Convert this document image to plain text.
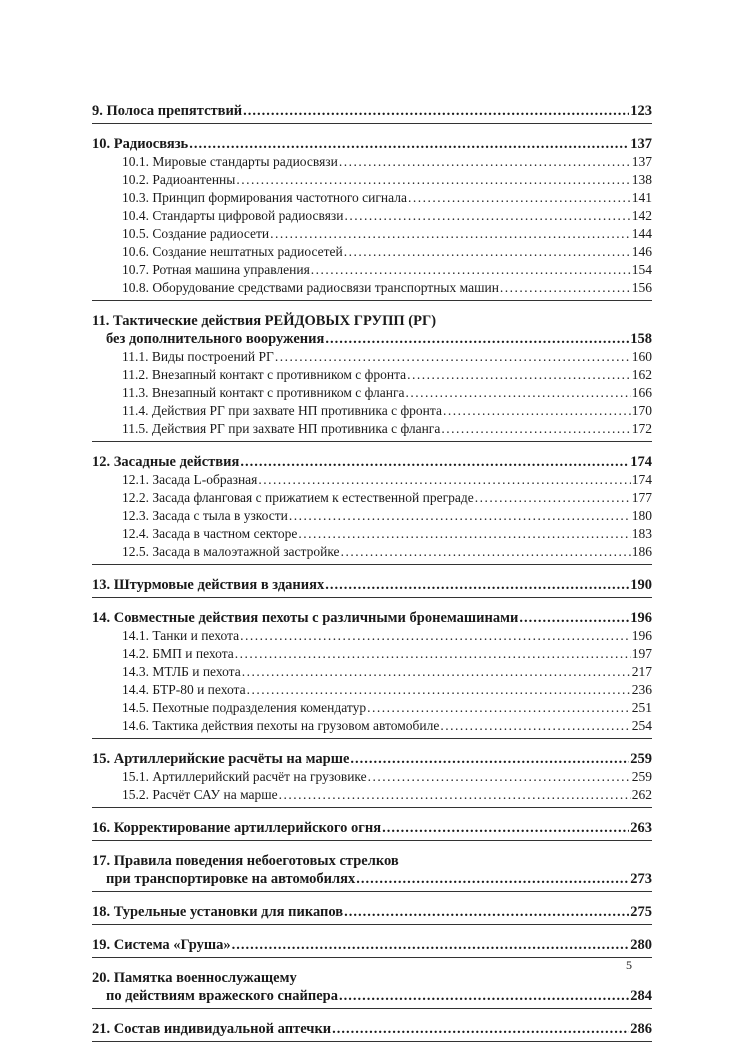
9. Полоса препятствий .....	123
10. Радиосвязь .....	137
10.1. Мировые стандарты радиосвязи .....	137
10.2. Радиоантенны .....	138
10.3. Принцип формирования частотного сигнала .....	141
10.4. Стандарты цифровой радиосвязи .....	142
10.5. Создание радиосети .....	144
10.6. Создание нештатных радиосетей .....	146
10.7. Ротная машина управления .....	154
10.8. Оборудование средствами радиосвязи транспортных машин .....	156
11. Тактические действия РЕЙДОВЫХ ГРУПП (РГ)
без дополнительного вооружения .....	158
11.1. Виды построений РГ .....	160
11.2. Внезапный контакт с противником с фронта .....	162
11.3. Внезапный контакт с противником с фланга .....	166
11.4. Действия РГ при захвате НП противника с фронта .....	170
11.5. Действия РГ при захвате НП противника с фланга .....	172
12. Засадные действия .....	174
12.1. Засада L-образная .....	174
12.2. Засада фланговая с прижатием к естественной преграде .....	177
12.3. Засада с тыла в узкости .....	180
12.4. Засада в частном секторе .....	183
12.5. Засада в малоэтажной застройке .....	186
13. Штурмовые действия в зданиях .....	190
14. Совместные действия пехоты с различными бронемашинами .....	196
14.1. Танки и пехота .....	196
14.2. БМП и пехота .....	197
14.3. МТЛБ и пехота .....	217
14.4. БТР-80 и пехота .....	236
14.5. Пехотные подразделения комендатур .....	251
14.6. Тактика действия пехоты на грузовом автомобиле .....	254
15. Артиллерийские расчёты на марше .....	259
15.1. Артиллерийский расчёт на грузовике .....	259
15.2. Расчёт САУ на марше .....	262
16. Корректирование артиллерийского огня .....	263
17. Правила поведения небоеготовых стрелков
при транспортировке на автомобилях .....	273
18. Турельные установки для пикапов .....	275
19. Система «Груша» .....	280
20. Памятка военнослужащему
по действиям вражеского снайпера .....	284
21. Состав индивидуальной аптечки .....	286
5
